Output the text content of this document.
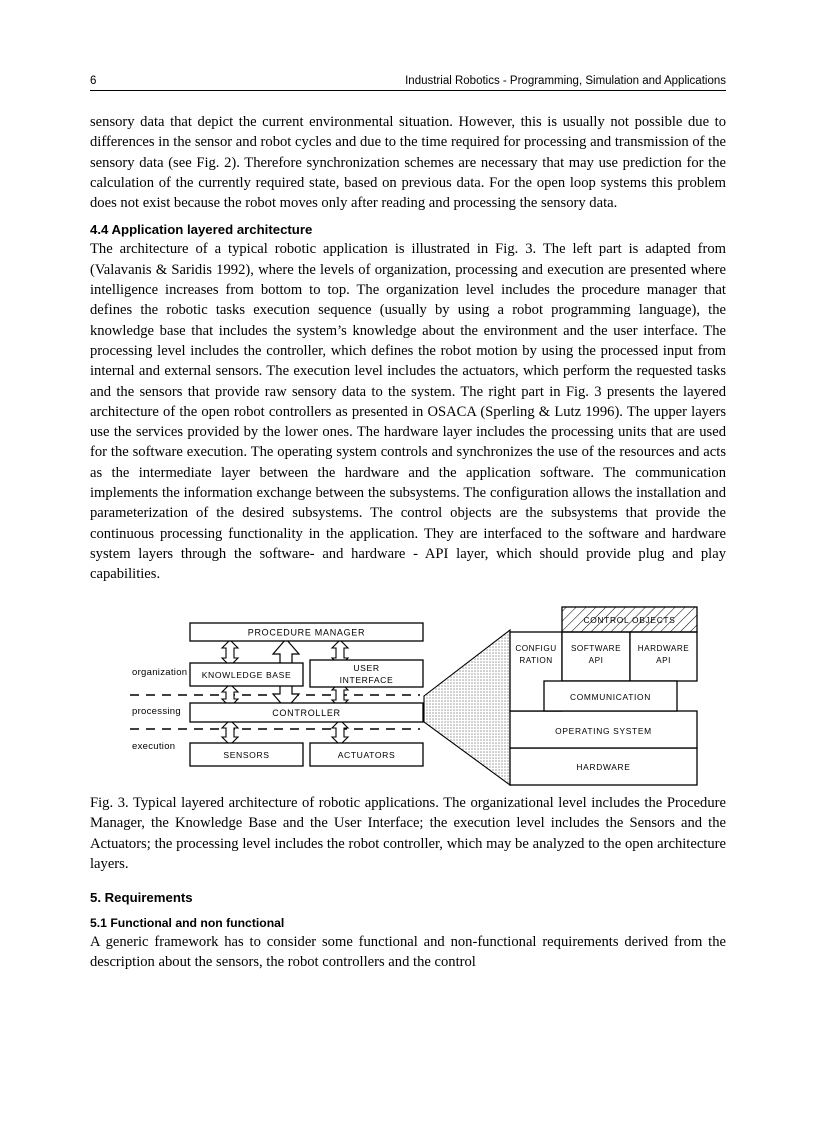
6	Industrial Robotics - Programming, Simulation and Applications

sensory data that depict the current environmental situation. However, this is usually not possible due to differences in the sensor and robot cycles and due to the time required for processing and transmission of the sensory data (see Fig. 2). Therefore synchronization schemes are necessary that may use prediction for the calculation of the currently required state, based on previous data. For the open loop systems this problem does not exist because the robot moves only after reading and processing the sensory data.

4.4 Application layered architecture

The architecture of a typical robotic application is illustrated in Fig. 3. The left part is adapted from (Valavanis & Saridis 1992), where the levels of organization, processing and execution are presented where intelligence increases from bottom to top. The organization level includes the procedure manager that defines the robotic tasks execution sequence (usually by using a robot programming language), the knowledge base that includes the system’s knowledge about the environment and the user interface. The processing level includes the controller, which defines the robot motion by using the processed input from internal and external sensors. The execution level includes the actuators, which perform the requested tasks and the sensors that provide raw sensory data to the system. The right part in Fig. 3 presents the layered architecture of the open robot controllers as presented in OSACA (Sperling & Lutz 1996). The upper layers use the services provided by the lower ones. The hardware layer includes the processing units that are used for the software execution. The operating system controls and synchronizes the use of the resources and acts as the intermediate layer between the hardware and the application software. The communication implements the information exchange between the subsystems. The configuration allows the installation and parameterization of the desired subsystems. The control objects are the subsystems that provide the continuous processing functionality in the application. They are interfaced to the software and hardware system layers through the software- and hardware - API layer, which should provide plug and play capabilities.

organization
processing
execution
PROCEDURE MANAGER
KNOWLEDGE BASE
USER
INTERFACE
CONTROLLER
SENSORS	ACTUATORS
HARDWARE
OPERATING SYSTEM
CONFIGU
RATION
SOFTWARE
API
HARDWARE
API
CONTROL OBJECTS
COMMUNICATION
Fig. 3. Typical layered architecture of robotic applications. The organizational level includes the Procedure Manager, the Knowledge Base and the User Interface; the execution level includes the Sensors and the Actuators; the processing level includes the robot controller, which may be analyzed to the open architecture layers.
5. Requirements
5.1 Functional and non functional

A generic framework has to consider some functional and non-functional requirements derived from the description about the sensors, the robot controllers and the control
